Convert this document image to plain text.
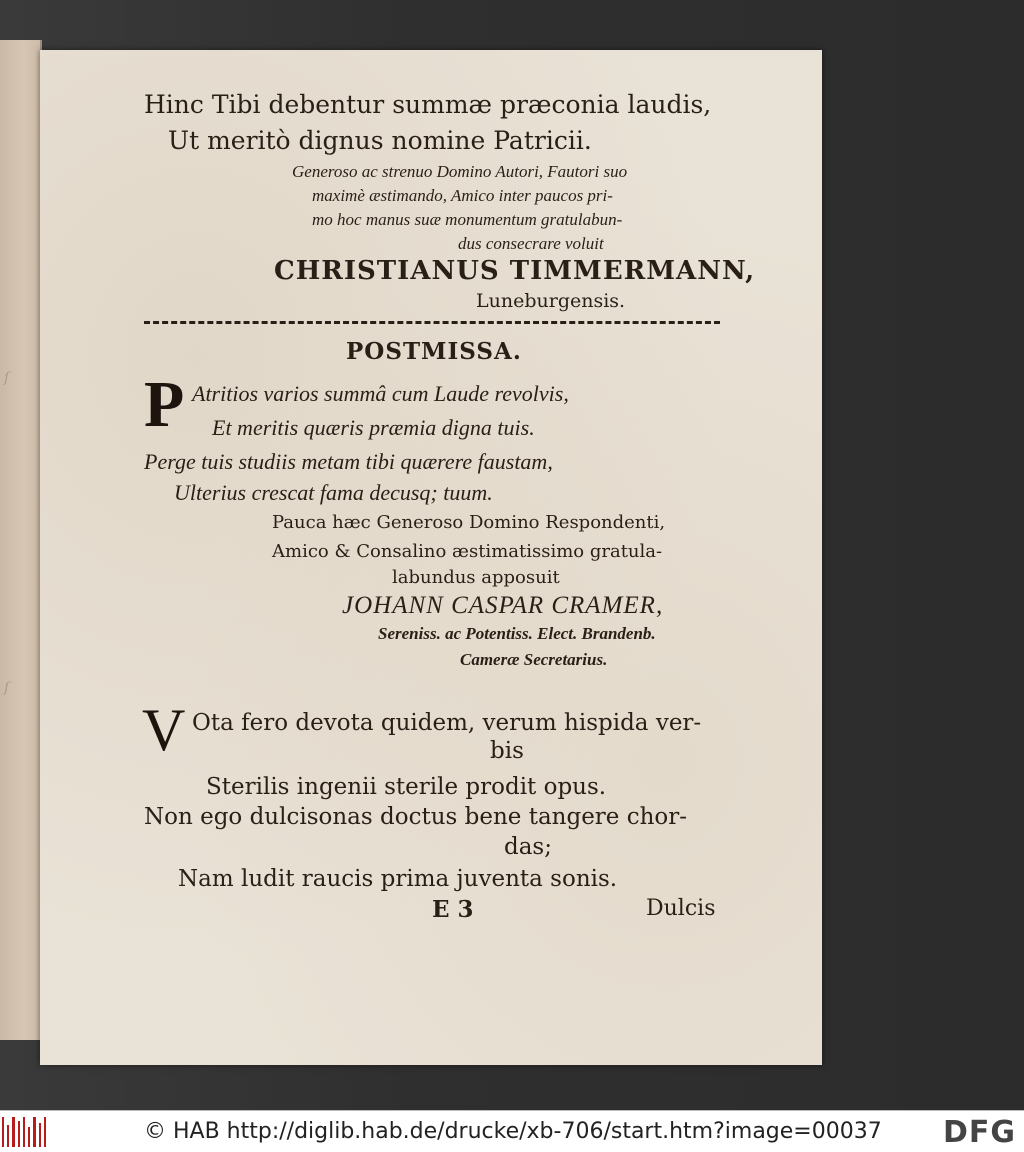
ſ
ſ
Hinc Tibi debentur summæ præconia laudis,
Ut meritò dignus nomine Patricii.
Generoso ac strenuo Domino Autori, Fautori suo
maximè æstimando, Amico inter paucos pri-
mo hoc manus suæ monumentum gratulabun-
dus consecrare voluit
CHRISTIANUS TIMMERMANN,
Luneburgensis.
POSTMISSA.
P Atritios varios summâ cum Laude revolvis,
Et meritis quæris præmia digna tuis.
Perge tuis studiis metam tibi quærere faustam,
Ulterius crescat fama decusq; tuum.
Pauca hæc Generoso Domino Respondenti,
Amico & Consalino æstimatissimo gratula-
labundus apposuit
JOHANN CASPAR CRAMER,
Sereniss. ac Potentiss. Elect. Brandenb.
Cameræ Secretarius.
V Ota fero devota quidem, verum hispida ver-
bis
Sterilis ingenii sterile prodit opus.
Non ego dulcisonas doctus bene tangere chor-
das;
Nam ludit raucis prima juventa sonis.
E 3	Dulcis
© HAB http://diglib.hab.de/drucke/xb-706/start.htm?image=00037 DFG
